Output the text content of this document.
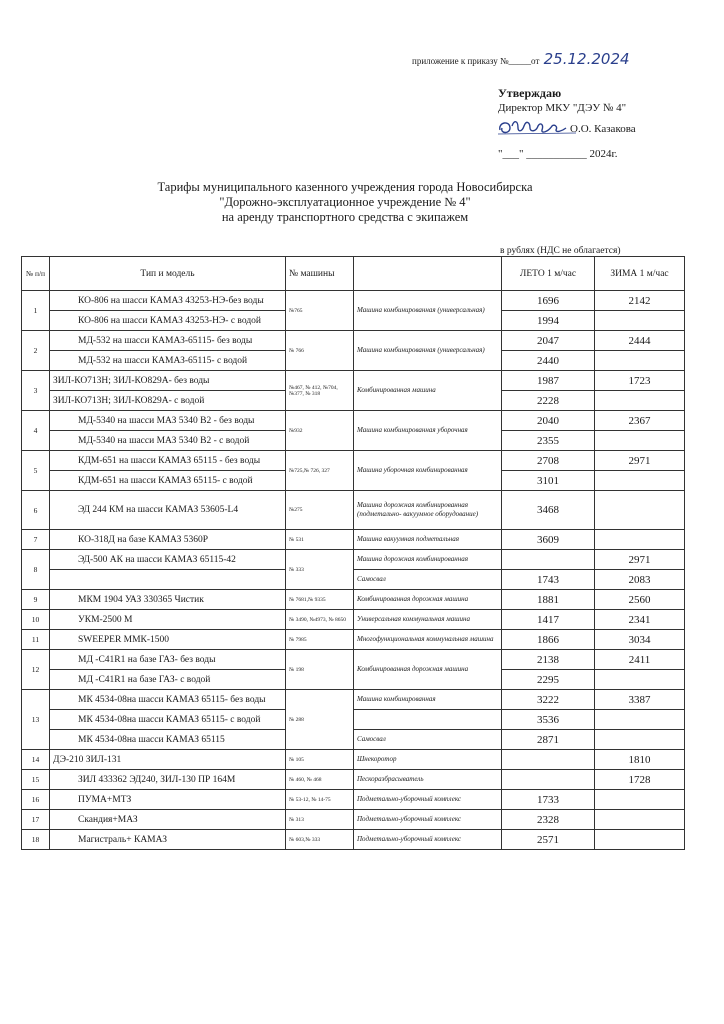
приложение к приказу №_____от 25.12.2024
Утверждаю
Директор МКУ "ДЭУ № 4"
О.О. Казакова
"___" ___________ 2024г.
Тарифы муниципального казенного учреждения города Новосибирска
"Дорожно-эксплуатационное учреждение № 4"
на аренду транспортного средства с экипажем
в рублях (НДС не облагается)
№ п/п	Тип и модель	№ машины		ЛЕТО 1 м/час	ЗИМА 1 м/час
1	КО-806 на шасси КАМАЗ 43253-НЭ-без воды	№765	Машина комбинированная (универсальная)	1696	2142
	КО-806 на шасси КАМАЗ 43253-НЭ- с водой			1994	
2	МД-532 на шасси КАМАЗ-65115- без воды	№ 766	Машина комбинированная (универсальная)	2047	2444
	МД-532 на шасси КАМАЗ-65115- с водой			2440	
3	ЗИЛ-КО713Н; ЗИЛ-КО829А- без воды	№467, № 412, №704, №377, № 318	Комбинированная машина	1987	1723
	ЗИЛ-КО713Н; ЗИЛ-КО829А- с водой			2228	
4	МД-5340 на шасси МАЗ 5340 В2 - без воды	№932	Машина комбинированная уборочная	2040	2367
	МД-5340 на шасси МАЗ 5340 В2 - с водой			2355	
5	КДМ-651 на шасси КАМАЗ 65115 - без воды	№725,№ 726, 327	Машина уборочная комбинированная	2708	2971
	КДМ-651 на шасси КАМАЗ 65115- с водой			3101	
6	ЭД 244 КМ на шасси КАМАЗ 53605-L4	№275	Машина дорожная комбинированная (подметально- вакуумное оборудование)	3468	
7	КО-318Д на базе КАМАЗ 5360Р	№ 531	Машина вакуумная подметальная	3609	
8	ЭД-500 АК на шасси КАМАЗ 65115-42	№ 333	Машина дорожная комбинированная		2971
			Самосвал	1743	2083
9	МКМ 1904 УАЗ 330365 Чистик	№ 7681,№ 9335	Комбинированная дорожная машина	1881	2560
10	УКМ-2500 М	№ 3490, №4973, № 8650	Универсальная коммунальная машина	1417	2341
11	SWEEPER ММК-1500	№ 7985	Многофункциональная коммунальная машина	1866	3034
12	МД -С41R1 на базе ГАЗ- без воды	№ 198	Комбинированная дорожная машина	2138	2411
	МД -С41R1 на базе ГАЗ- с водой			2295	
13	МК 4534-08на шасси КАМАЗ 65115- без воды	№ 288	Машина комбинированная	3222	3387
	МК 4534-08на шасси КАМАЗ 65115- с водой			3536	
	МК 4534-08на шасси КАМАЗ 65115		Самосвал	2871	
14	ДЭ-210 ЗИЛ-131	№ 105	Шнекоротор		1810
15	ЗИЛ 433362 ЭД240, ЗИЛ-130 ПР 164М	№ 460, № 468	Пескоразбрасыватель		1728
16	ПУМА+МТЗ	№ 53-12, № 14-75	Подметально-уборочный комплекс	1733	
17	Скандия+МАЗ	№ 313	Подметально-уборочный комплекс	2328	
18	Магистраль+ КАМАЗ	№ 603,№ 333	Подметально-уборочный комплекс	2571	
